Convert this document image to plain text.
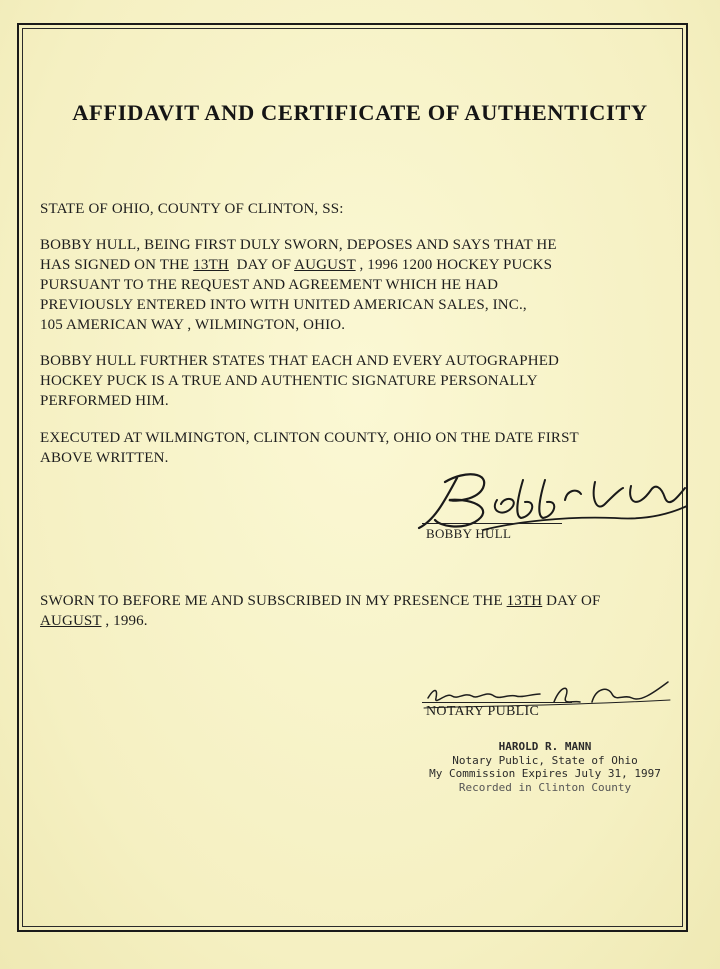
AFFIDAVIT AND CERTIFICATE OF AUTHENTICITY
STATE OF OHIO, COUNTY OF CLINTON, SS:
BOBBY HULL, BEING FIRST DULY SWORN, DEPOSES AND SAYS THAT HE
HAS SIGNED ON THE 13TH  DAY OF AUGUST , 1996 1200 HOCKEY PUCKS
PURSUANT TO THE REQUEST AND AGREEMENT WHICH HE HAD
PREVIOUSLY ENTERED INTO WITH UNITED AMERICAN SALES, INC.,
105 AMERICAN WAY , WILMINGTON, OHIO.
BOBBY HULL FURTHER STATES THAT EACH AND EVERY AUTOGRAPHED
HOCKEY PUCK IS A TRUE AND AUTHENTIC SIGNATURE PERSONALLY
PERFORMED HIM.
EXECUTED AT WILMINGTON, CLINTON COUNTY, OHIO ON THE DATE FIRST
ABOVE WRITTEN.
BOBBY HULL
SWORN TO BEFORE ME AND SUBSCRIBED IN MY PRESENCE THE 13TH DAY OF
AUGUST , 1996.
NOTARY PUBLIC
HAROLD R. MANN
Notary Public, State of Ohio
My Commission Expires July 31, 1997
Recorded in Clinton County
